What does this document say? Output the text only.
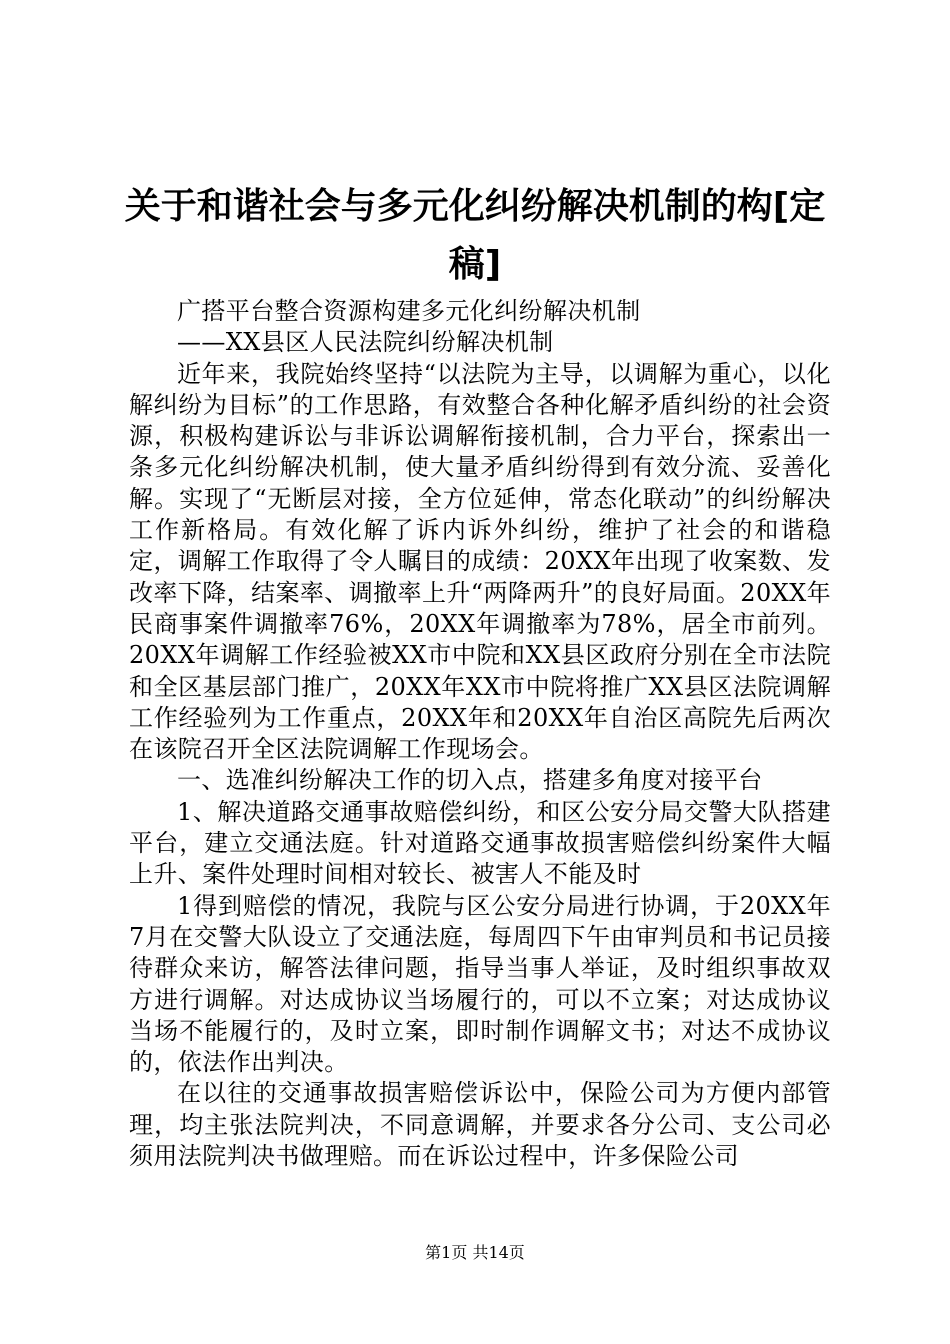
关于和谐社会与多元化纠纷解决机制的构[定稿]

广搭平台整合资源构建多元化纠纷解决机制

——XX县区人民法院纠纷解决机制

近年来，我院始终坚持“以法院为主导，以调解为重心，以化解纠纷为目标”的工作思路，有效整合各种化解矛盾纠纷的社会资源，积极构建诉讼与非诉讼调解衔接机制，合力平台，探索出一条多元化纠纷解决机制，使大量矛盾纠纷得到有效分流、妥善化解。实现了“无断层对接，全方位延伸，常态化联动”的纠纷解决工作新格局。有效化解了诉内诉外纠纷，维护了社会的和谐稳定，调解工作取得了令人瞩目的成绩：20XX年出现了收案数、发改率下降，结案率、调撤率上升“两降两升”的良好局面。20XX年民商事案件调撤率76%，20XX年调撤率为78%，居全市前列。20XX年调解工作经验被XX市中院和XX县区政府分别在全市法院和全区基层部门推广，20XX年XX市中院将推广XX县区法院调解工作经验列为工作重点，20XX年和20XX年自治区高院先后两次在该院召开全区法院调解工作现场会。

一、选准纠纷解决工作的切入点，搭建多角度对接平台

1、解决道路交通事故赔偿纠纷，和区公安分局交警大队搭建平台，建立交通法庭。针对道路交通事故损害赔偿纠纷案件大幅上升、案件处理时间相对较长、被害人不能及时

1得到赔偿的情况，我院与区公安分局进行协调，于20XX年7月在交警大队设立了交通法庭，每周四下午由审判员和书记员接待群众来访，解答法律问题，指导当事人举证，及时组织事故双方进行调解。对达成协议当场履行的，可以不立案；对达成协议当场不能履行的，及时立案，即时制作调解文书；对达不成协议的，依法作出判决。

在以往的交通事故损害赔偿诉讼中，保险公司为方便内部管理，均主张法院判决，不同意调解，并要求各分公司、支公司必须用法院判决书做理赔。而在诉讼过程中，许多保险公司

第1页 共14页
